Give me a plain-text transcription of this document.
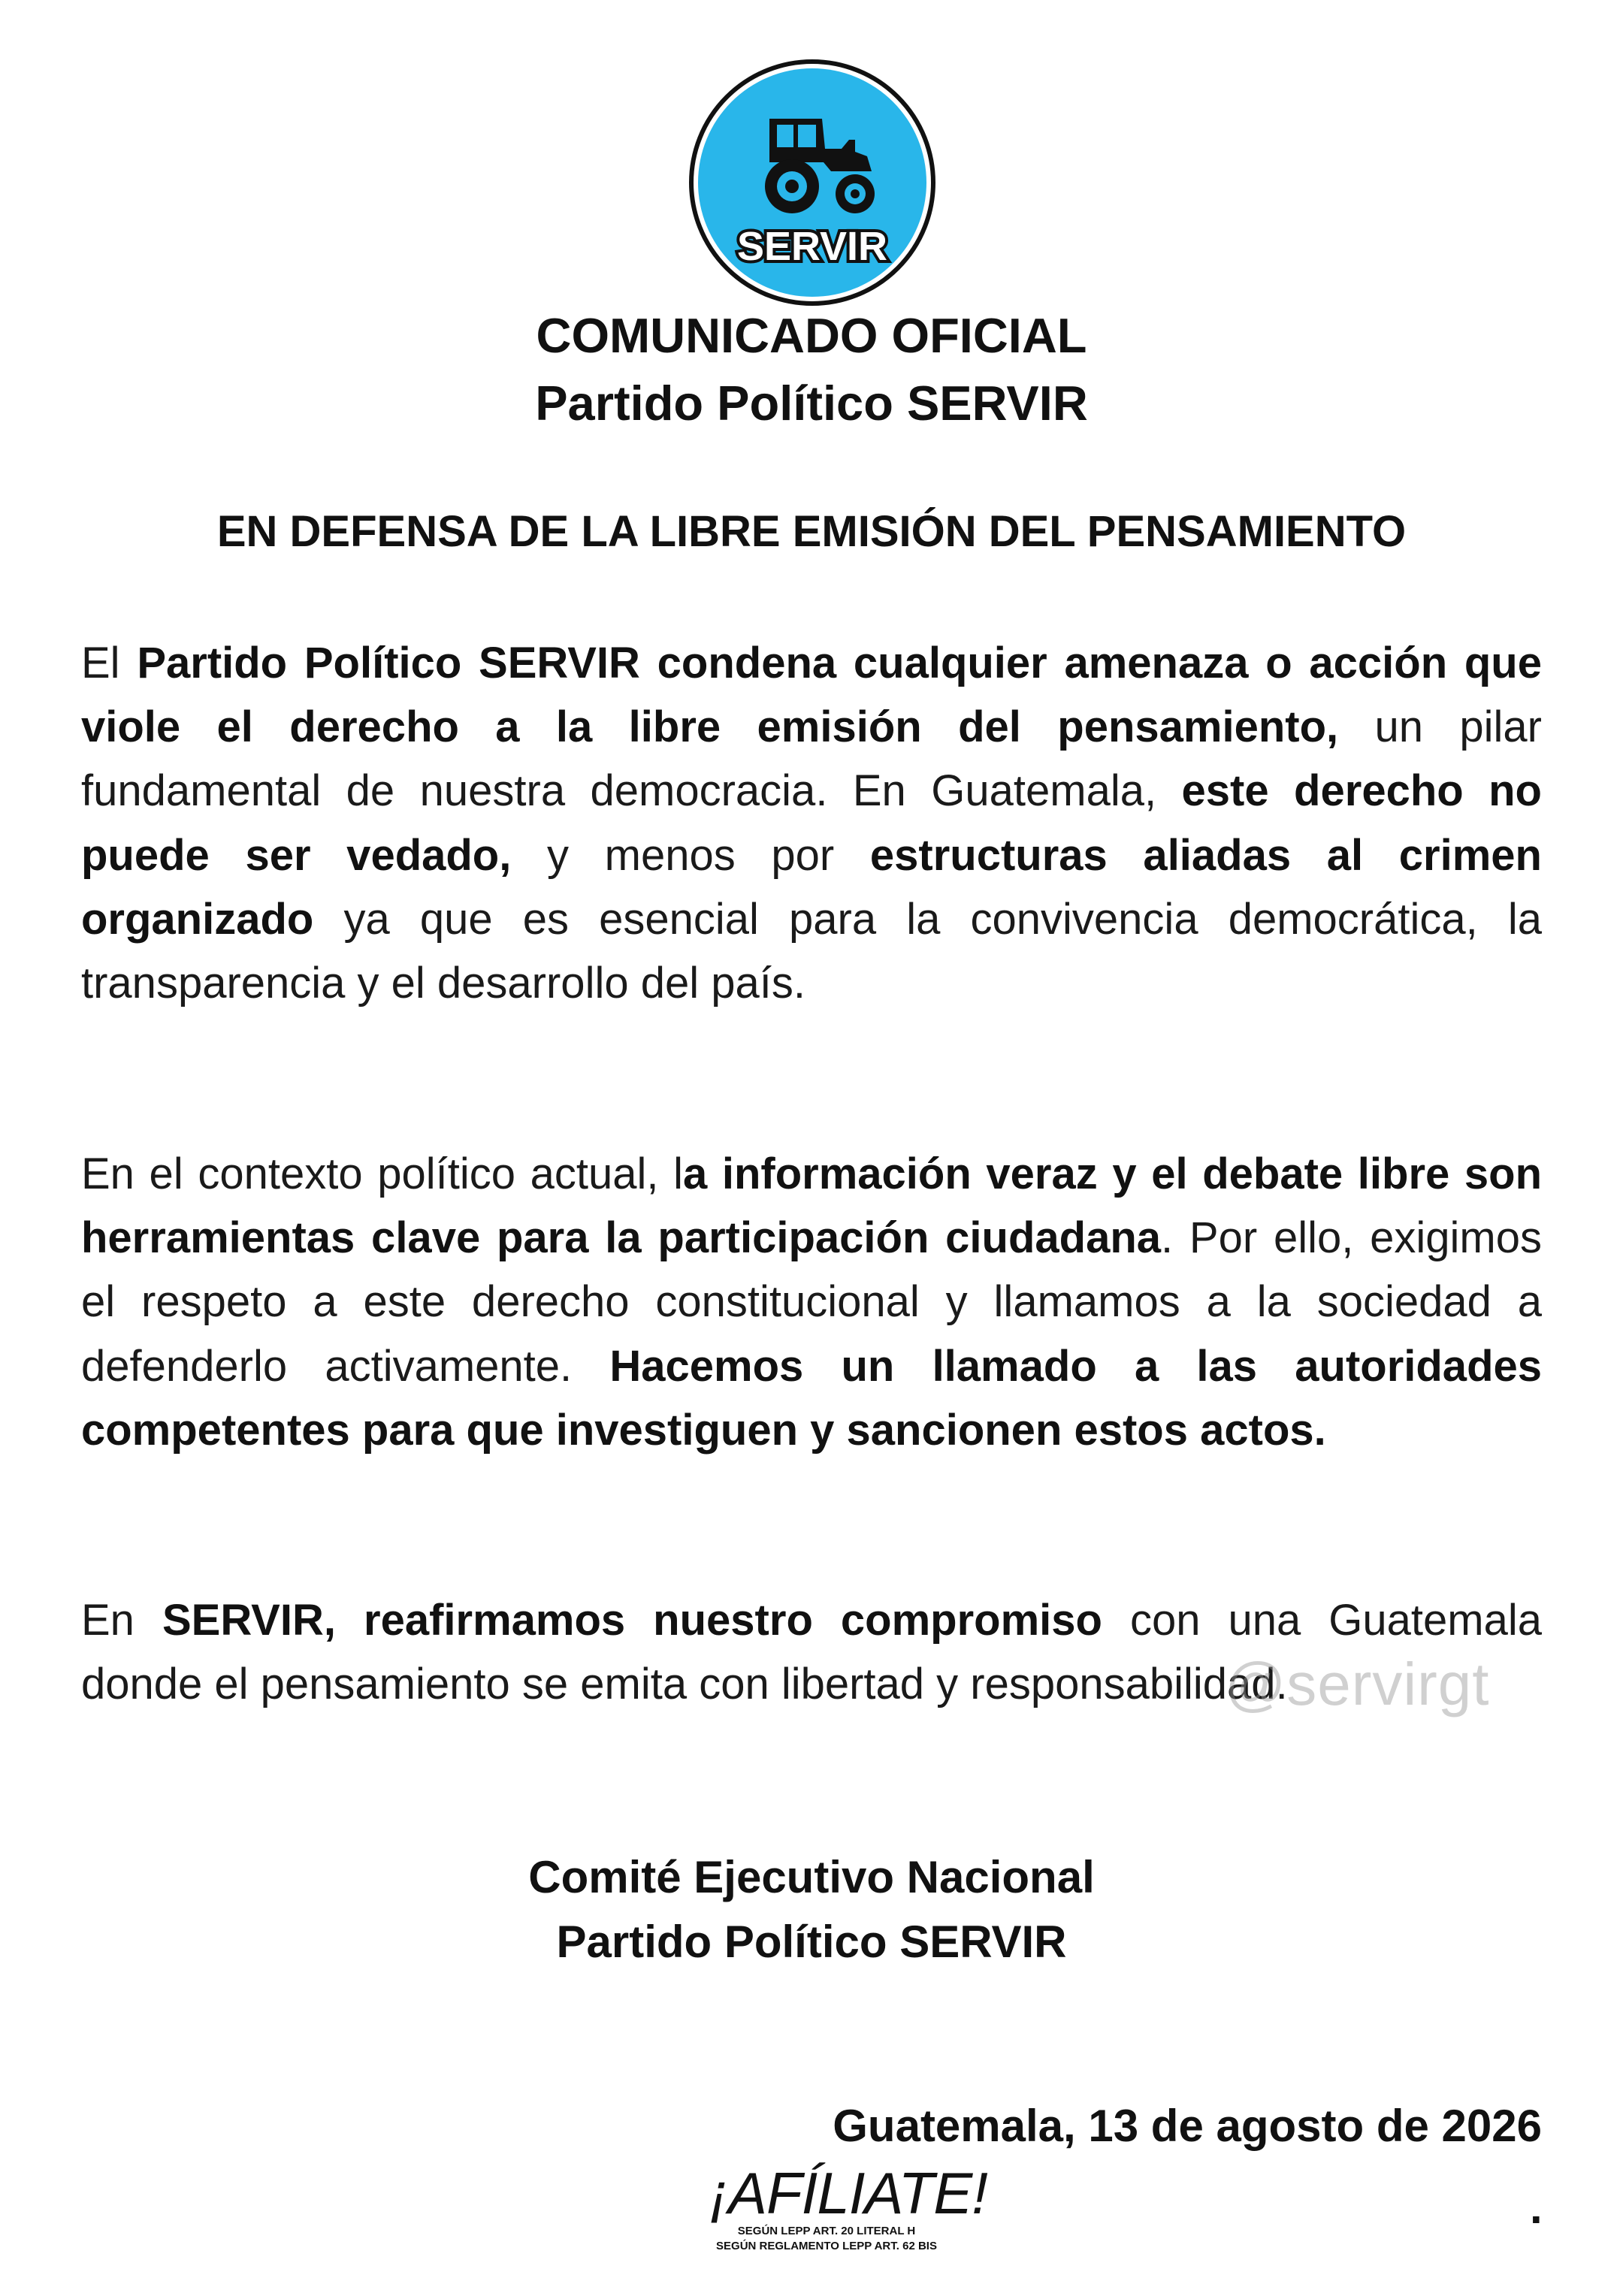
SERVIR
COMUNICADO OFICIAL
Partido Político SERVIR
EN DEFENSA DE LA LIBRE EMISIÓN DEL PENSAMIENTO
El Partido Político SERVIR condena cualquier amenaza o acción que viole el derecho a la libre emisión del pensamiento, un pilar fundamental de nuestra democracia. En Guatemala, este derecho no puede ser vedado, y menos por estructuras aliadas al crimen organizado ya que es esencial para la convivencia democrática, la transparencia y el desarrollo del país.
En el contexto político actual, la información veraz y el debate libre son herramientas clave para la participación ciudadana. Por ello, exigimos el respeto a este derecho constitucional y llamamos a la sociedad a defenderlo activamente. Hacemos un llamado a las autoridades competentes para que investiguen y sancionen estos actos.
En SERVIR, reafirmamos nuestro compromiso con una Guatemala donde el pensamiento se emita con libertad y responsabilidad.
@servirgt
Comité Ejecutivo Nacional
Partido Político SERVIR
Guatemala, 13 de agosto de 2026
¡AFÍLIATE!
SEGÚN LEPP ART. 20 LITERAL H
SEGÚN REGLAMENTO LEPP ART. 62 BIS
.
